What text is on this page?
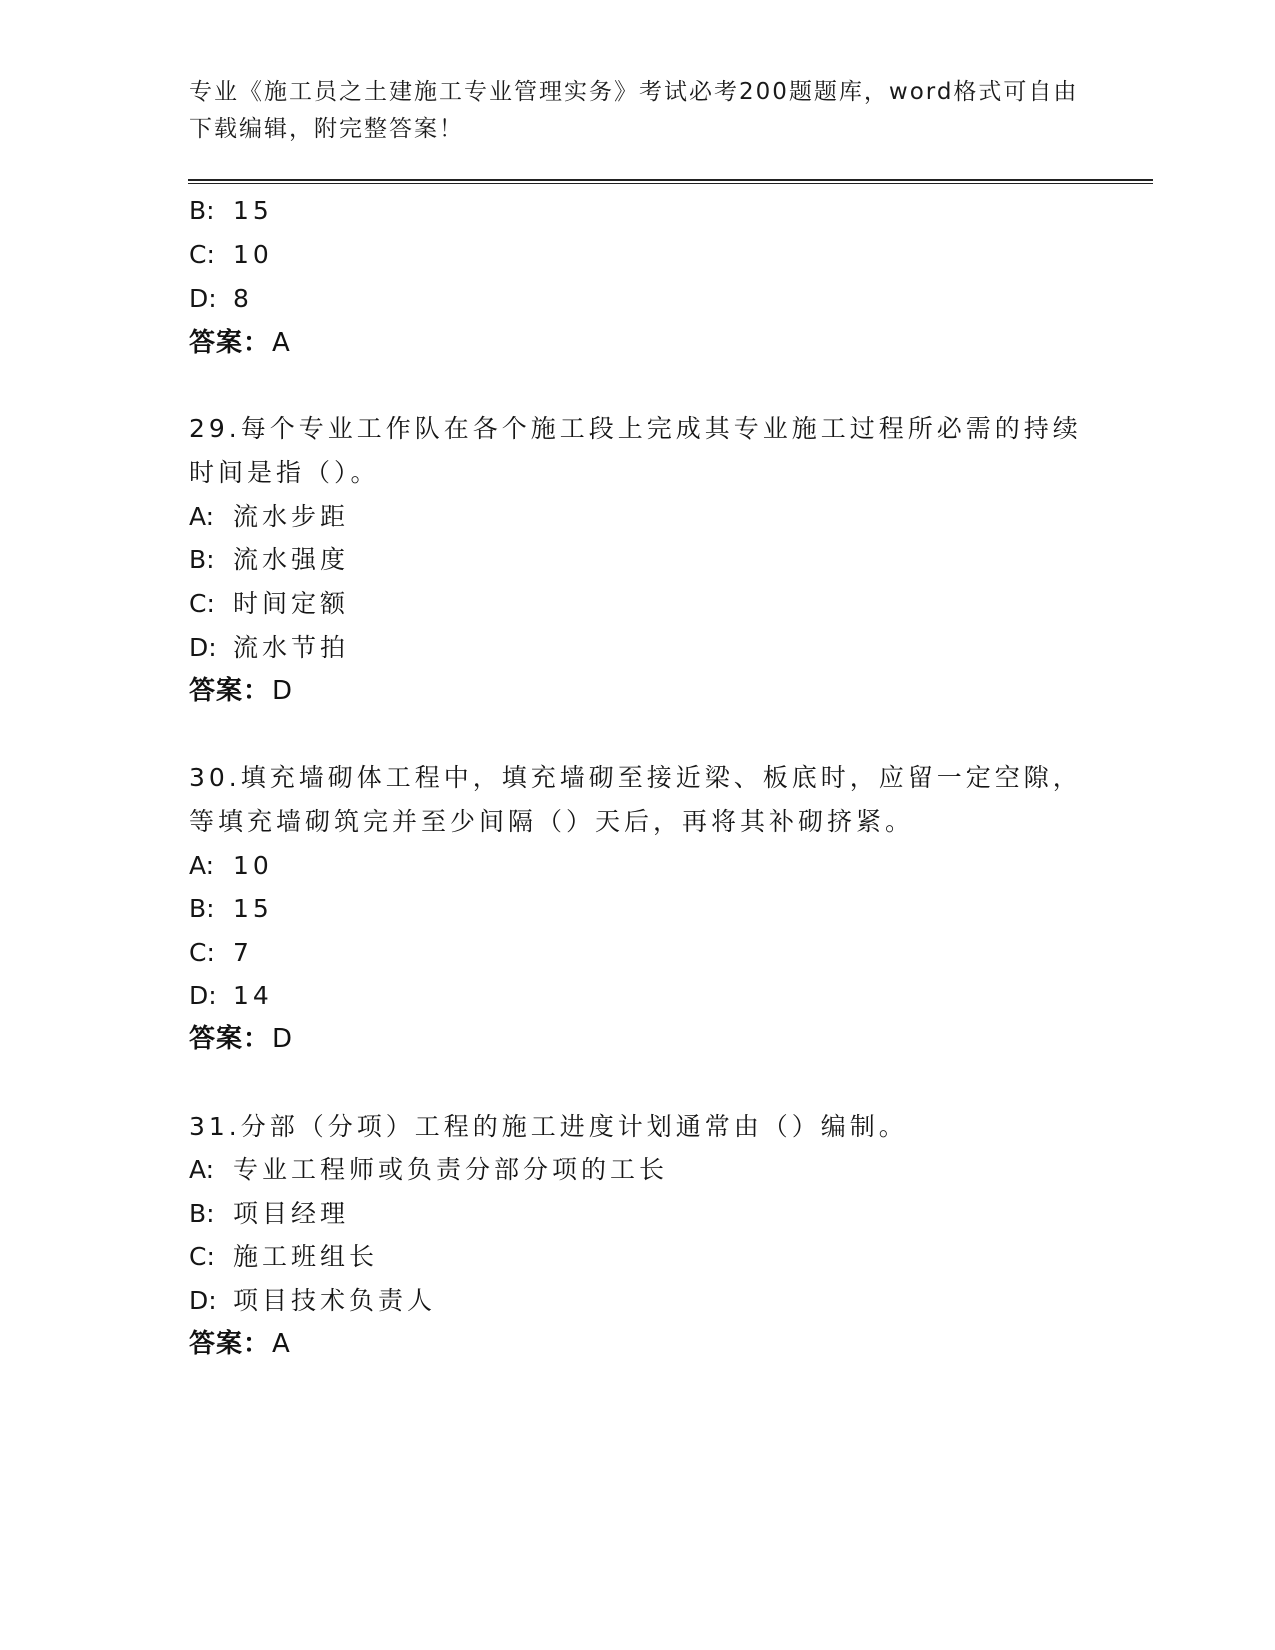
专业《施工员之土建施工专业管理实务》考试必考200题题库，word格式可自由下载编辑，附完整答案！
B: 15
C: 10
D: 8
答案：A
29.每个专业工作队在各个施工段上完成其专业施工过程所必需的持续
时间是指（）。
A: 流水步距
B: 流水强度
C: 时间定额
D: 流水节拍
答案：D
30.填充墙砌体工程中，填充墙砌至接近梁、板底时，应留一定空隙，
等填充墙砌筑完并至少间隔（）天后，再将其补砌挤紧。
A: 10
B: 15
C: 7
D: 14
答案：D
31.分部（分项）工程的施工进度计划通常由（）编制。
A: 专业工程师或负责分部分项的工长
B: 项目经理
C: 施工班组长
D: 项目技术负责人
答案：A
